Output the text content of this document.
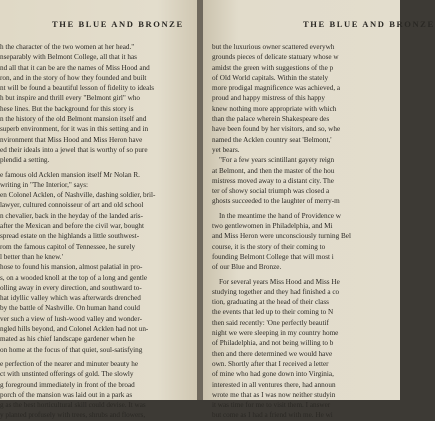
THE BLUE AND BRONZE
h the character of the two women at her head."
nseparably with Belmont College, all that it has
nd all that it can be are the names of Miss Hood and
ron, and in the story of how they founded and built
nt will be found a beautiful lesson of fidelity to ideals
h but inspire and thrill every "Belmont girl" who
hese lines. But the background for this story is
n the history of the old Belmont mansion itself and
superb environment, for it was in this setting and in
nvironment that Miss Hood and Miss Heron have
ed their ideals into a jewel that is worthy of so pure
plendid a setting.
e famous old Acklen mansion itself Mr Nolan R.
writing in "The Interior," says:
en Colonel Acklen, of Nashville, dashing soldier, bril-
lawyer, cultured connoisseur of art and old school
n chevalier, back in the heyday of the landed aris-
after the Mexican and before the civil war, bought
spread estate on the highlands a little southwest-
rom the famous capitol of Tennessee, he surely
l better than he knew.'
hose to found his mansion, almost palatial in pro-
s, on a wooded knoll at the top of a long and gentle
olling away in every direction, and southward to-
hat idyllic valley which was afterwards drenched
by the battle of Nashville. On human hand could
ver such a view of lush-wood valley and wonder-
ngled hills beyond, and Colonel Acklen had not un-
mated as his chief landscape gardener when he
on home at the focus of that quiet, soul-satisfying
e perfection of the nearer and minuter beauty he
ct with unstinted offerings of gold. The slowly
g foreground immediately in front of the broad
porch of the mansion was laid out in a park as
g as the best horticultural skill could devise. It was
y planted profusely with trees, shrubs and flowers,
THE BLUE AND BRONZE
but the luxurious owner scattered everywh
grounds pieces of delicate statuary whose w
amidst the green with suggestions of the p
of Old World capitals. Within the stately
more prodigal magnificence was achieved, a
proud and happy mistress of this happy
knew nothing more appropriate with which
than the palace wherein Shakespeare des
have been found by her visitors, and so, whe
named the Acklen country seat 'Belmont,'
yet bears.
"For a few years scintillant gayety reign
at Belmont, and then the master of the hou
mistress moved away to a distant city. The
ter of showy social triumph was closed a
ghosts succeeded to the laughter of merry-m
In the meantime the hand of Providence w
two gentlewomen in Philadelphia, and Mi
and Miss Heron were unconsciously turning Bel
course, it is the story of their coming to
founding Belmont College that will most i
of our Blue and Bronze.
For several years Miss Hood and Miss He
studying together and they had finished a co
tion, graduating at the head of their class
the events that led up to their coming to N
then said recently: 'One perfectly beautif
night we were sleeping in my country home
of Philadelphia, and not being willing to b
then and there determined we would have
own. Shortly after that I received a letter
of mine who had gone down into Virginia,
interested in all ventures there, had announ
wrote me that as I was now neither studyin
it was time for me to visit them. I answer
but come as I had a friend with me. He wi
